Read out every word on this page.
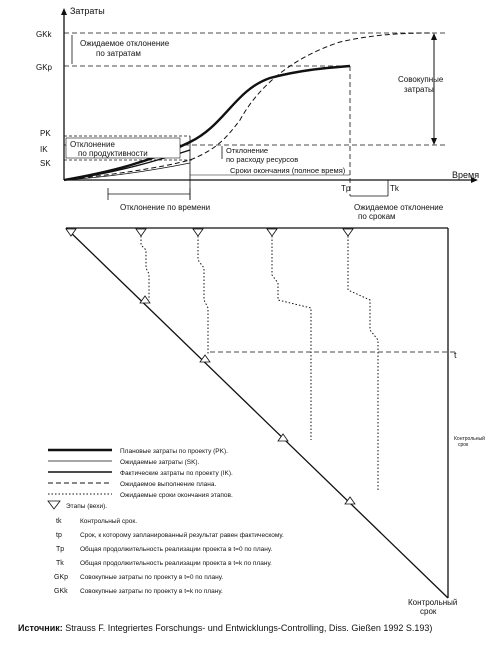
Затраты
Время
GKk
GKp
PK
IK
SK
Совокупные
затраты
Ожидаемое отклонение
по затратам
Отклонение
по продуктивности	Отклонение
по расходу ресурсов
Сроки окончания (полное время)
Отклонение по времени
Tp	Tk
Ожидаемое отклонение
по срокам
t
Контрольный
срок
Контрольный
срок
Плановые затраты по проекту (PK).
Ожидаемые затраты (SK).
Фактические затраты по проекту (IK).
Ожидаемое выполнение плана.
Ожидаемые сроки окончания этапов.
Этапы (вехи).
tk	Контрольный срок.
tp	Срок, к которому запланированный результат равен фактическому.
Tp Общая продолжительность реализации проекта в t=0 по плану.
Tk Общая продолжительность реализации проекта в t=k по плану.
GKp Совокупные затраты по проекту в t=0 по плану.
GKk Совокупные затраты по проекту в t=k по плану.
Источник: Strauss F. Integriertes Forschungs- und Entwicklungs-Controlling, Diss. Gießen 1992 S.193)
